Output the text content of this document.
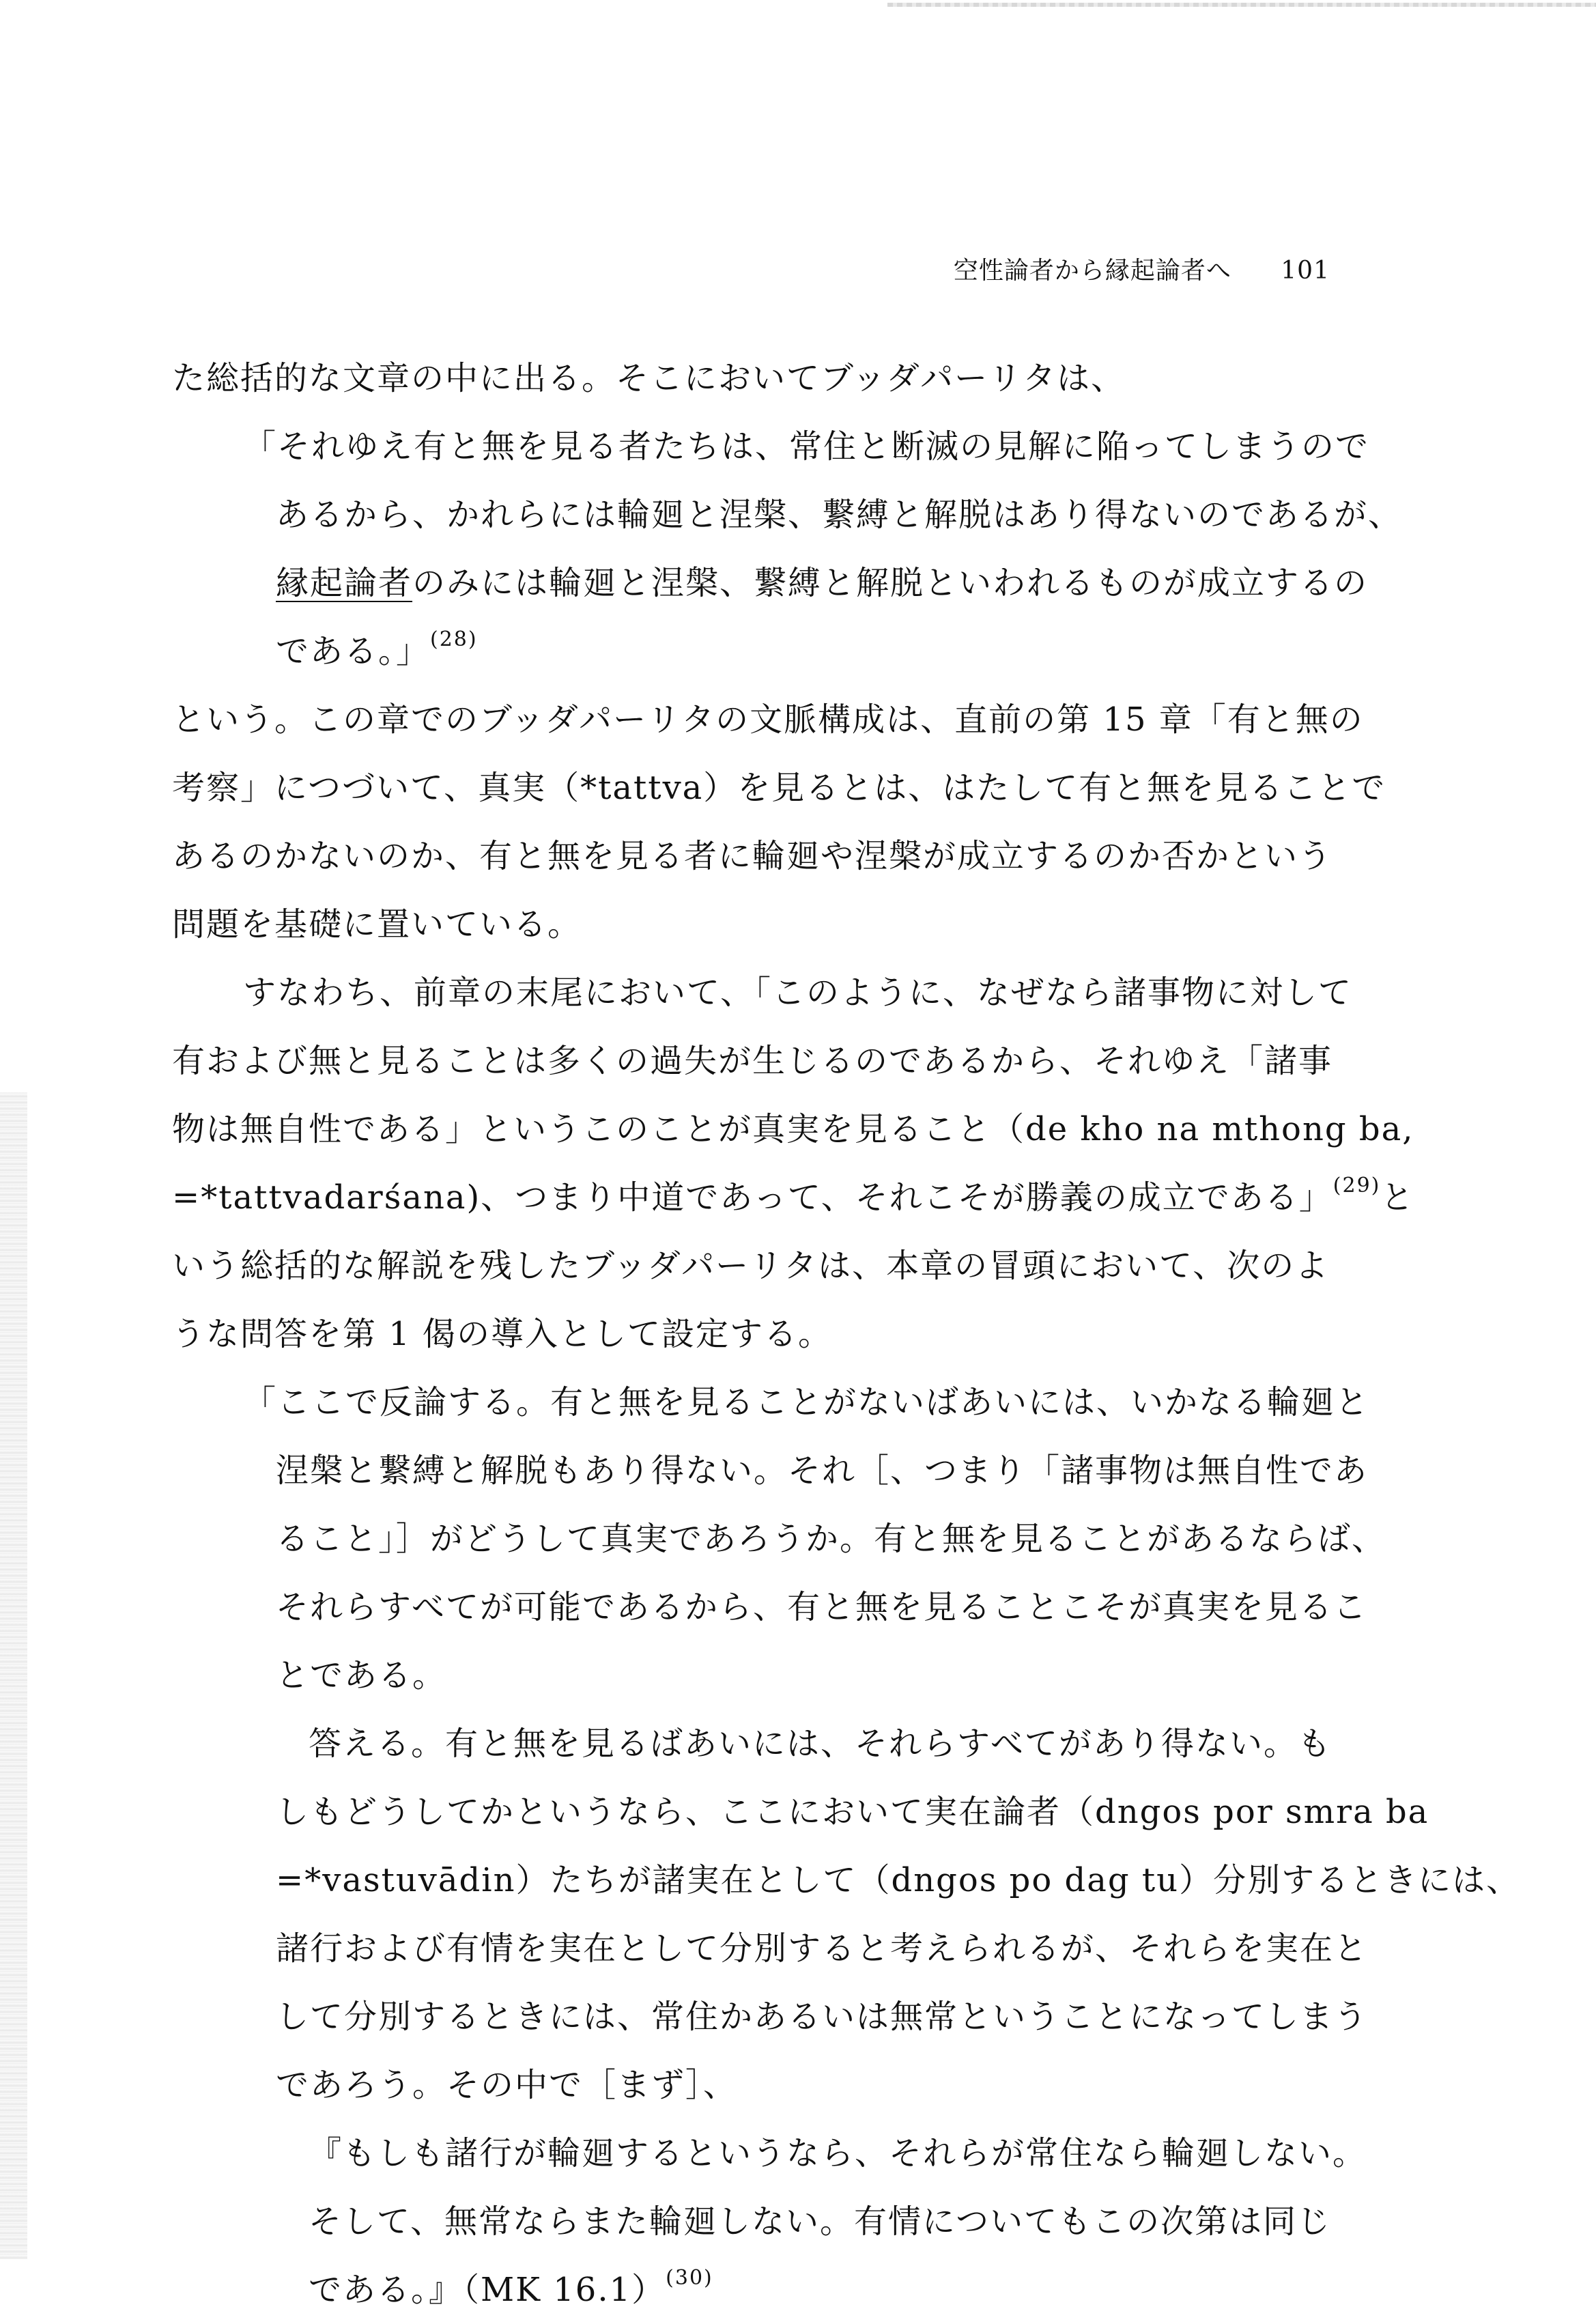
空性論者から縁起論者へ 101
た総括的な文章の中に出る。そこにおいてブッダパーリタは、
「それゆえ有と無を見る者たちは、常住と断滅の見解に陥ってしまうので
あるから、かれらには輪廻と涅槃、繋縛と解脱はあり得ないのであるが、
縁起論者のみには輪廻と涅槃、繋縛と解脱といわれるものが成立するの
である。」$^{(28)}$
という。この章でのブッダパーリタの文脈構成は、直前の第 15 章「有と無の
考察」につづいて、真実（*tattva）を見るとは、はたして有と無を見ることで
あるのかないのか、有と無を見る者に輪廻や涅槃が成立するのか否かという
問題を基礎に置いている。
すなわち、前章の末尾において、「このように、なぜなら諸事物に対して
有および無と見ることは多くの過失が生じるのであるから、それゆえ「諸事
物は無自性である」というこのことが真実を見ること（de kho na mthong ba,
=*tattvadarśana)、つまり中道であって、それこそが勝義の成立である」$^{(29)}$と
いう総括的な解説を残したブッダパーリタは、本章の冒頭において、次のよ
うな問答を第 1 偈の導入として設定する。
「ここで反論する。有と無を見ることがないばあいには、いかなる輪廻と
涅槃と繋縛と解脱もあり得ない。それ［、つまり「諸事物は無自性であ
ること」］がどうして真実であろうか。有と無を見ることがあるならば、
それらすべてが可能であるから、有と無を見ることこそが真実を見るこ
とである。
答える。有と無を見るばあいには、それらすべてがあり得ない。も
しもどうしてかというなら、ここにおいて実在論者（dngos por smra ba
=*vastuvādin）たちが諸実在として（dngos po dag tu）分別するときには、
諸行および有情を実在として分別すると考えられるが、それらを実在と
して分別するときには、常住かあるいは無常ということになってしまう
であろう。その中で［まず］、
『もしも諸行が輪廻するというなら、それらが常住なら輪廻しない。
そして、無常ならまた輪廻しない。有情についてもこの次第は同じ
である。』（MK 16.1）$^{(30)}$
